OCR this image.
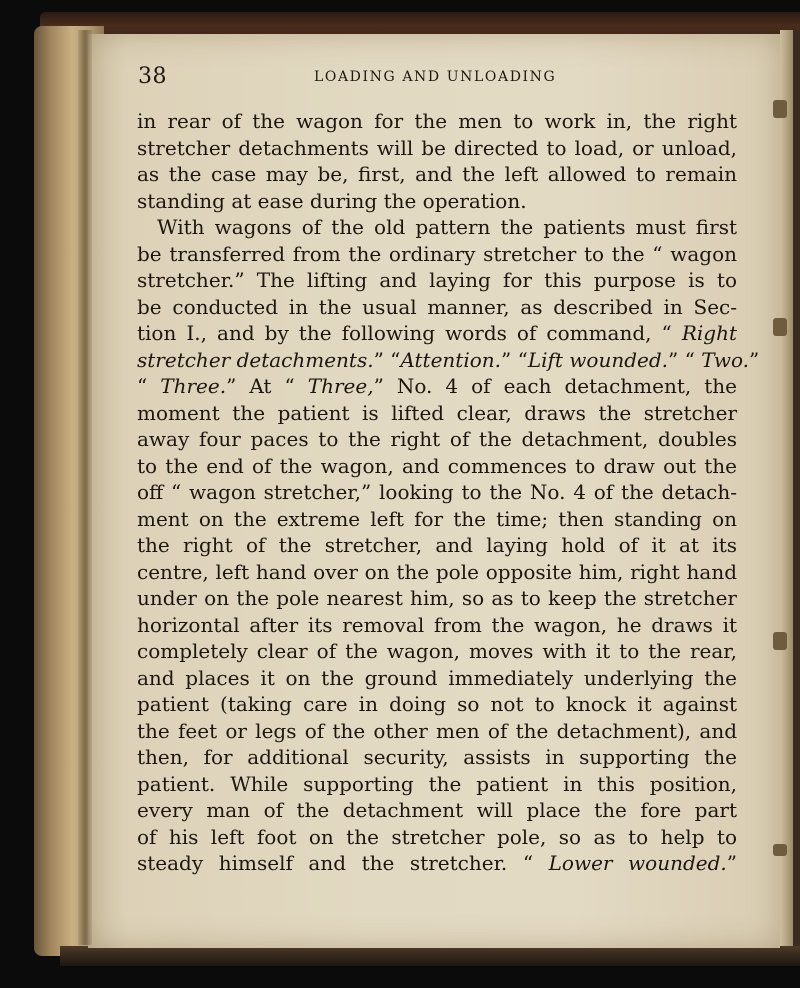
38	LOADING AND UNLOADING
in rear of the wagon for the men to work in, the right
stretcher detachments will be directed to load, or unload,
as the case may be, first, and the left allowed to remain
standing at ease during the operation.
With wagons of the old pattern the patients must first
be transferred from the ordinary stretcher to the “ wagon
stretcher.” The lifting and laying for this purpose is to
be conducted in the usual manner, as described in Sec-
tion I., and by the following words of command, “ Right
stretcher detachments.” “Attention.” “Lift wounded.” “ Two.”
“ Three.” At “ Three,” No. 4 of each detachment, the
moment the patient is lifted clear, draws the stretcher
away four paces to the right of the detachment, doubles
to the end of the wagon, and commences to draw out the
off “ wagon stretcher,” looking to the No. 4 of the detach-
ment on the extreme left for the time; then standing on
the right of the stretcher, and laying hold of it at its
centre, left hand over on the pole opposite him, right hand
under on the pole nearest him, so as to keep the stretcher
horizontal after its removal from the wagon, he draws it
completely clear of the wagon, moves with it to the rear,
and places it on the ground immediately underlying the
patient (taking care in doing so not to knock it against
the feet or legs of the other men of the detachment), and
then, for additional security, assists in supporting the
patient. While supporting the patient in this position,
every man of the detachment will place the fore part
of his left foot on the stretcher pole, so as to help to
steady himself and the stretcher. “ Lower wounded.”
